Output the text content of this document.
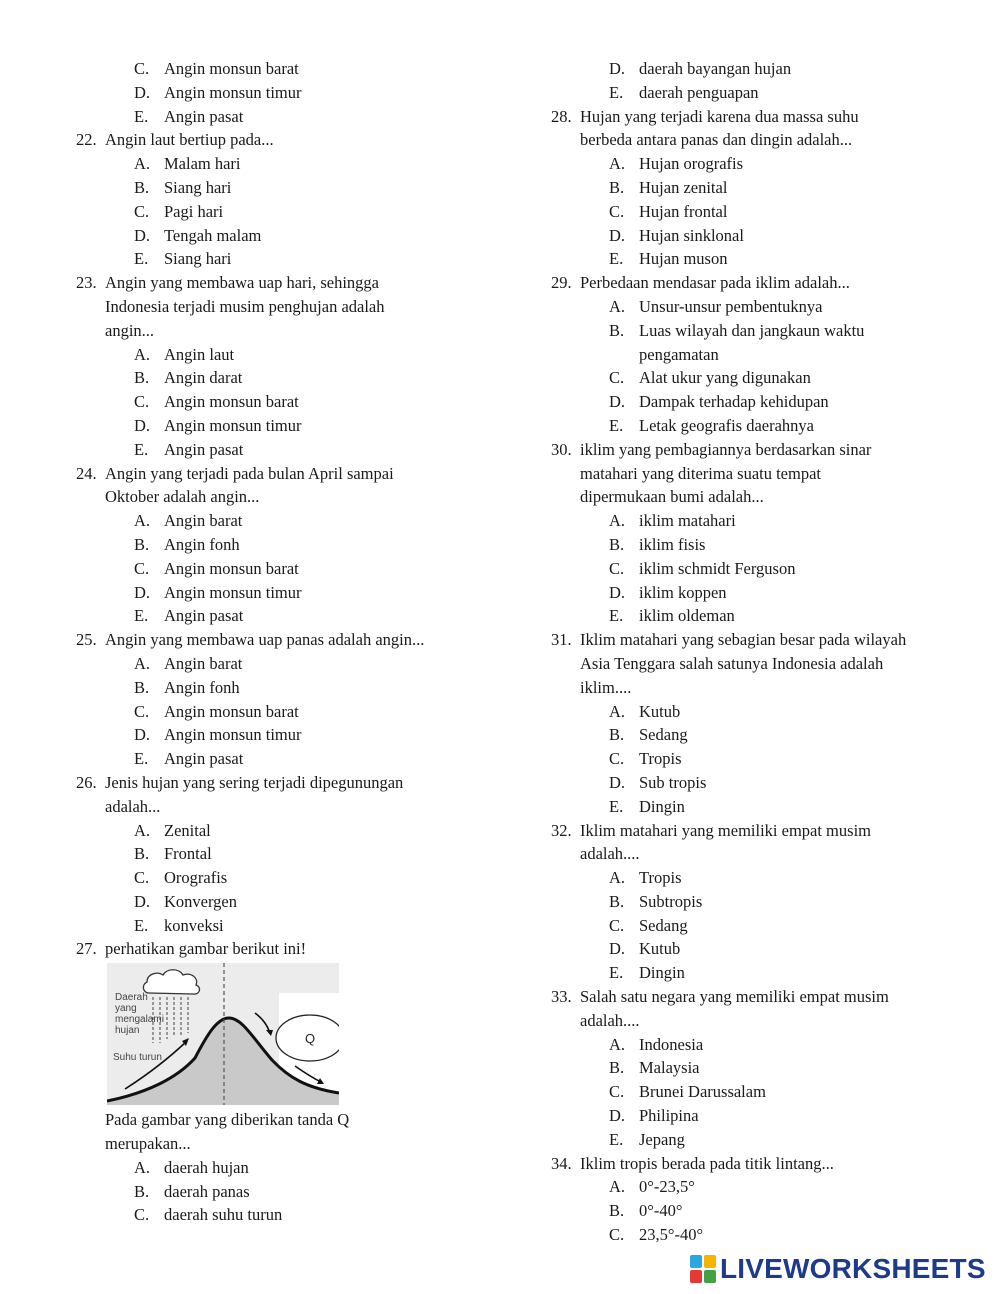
C. Angin monsun barat
D. Angin monsun timur
E. Angin pasat
22. Angin laut bertiup pada...
A. Malam hari
B. Siang hari
C. Pagi hari
D. Tengah malam
E. Siang hari
23. Angin yang membawa uap hari, sehingga
Indonesia terjadi musim penghujan adalah
angin...
A. Angin laut
B. Angin darat
C. Angin monsun barat
D. Angin monsun timur
E. Angin pasat
24. Angin yang terjadi pada bulan April sampai
Oktober adalah angin...
A. Angin barat
B. Angin fonh
C. Angin monsun barat
D. Angin monsun timur
E. Angin pasat
25. Angin yang membawa uap panas adalah angin...
A. Angin barat
B. Angin fonh
C. Angin monsun barat
D. Angin monsun timur
E. Angin pasat
26. Jenis hujan yang sering terjadi dipegunungan
adalah...
A. Zenital
B. Frontal
C. Orografis
D. Konvergen
E. konveksi
27. perhatikan gambar berikut ini!
Daerah
yang
mengalami
hujan
Suhu turun
Q
Pada gambar yang diberikan tanda Q
merupakan...
A. daerah hujan
B. daerah panas
C. daerah suhu turun
D. daerah bayangan hujan
E. daerah penguapan
28. Hujan yang terjadi karena dua massa suhu
berbeda antara panas dan dingin adalah...
A. Hujan orografis
B. Hujan zenital
C. Hujan frontal
D. Hujan sinklonal
E. Hujan muson
29. Perbedaan mendasar pada iklim adalah...
A. Unsur-unsur pembentuknya
B. Luas wilayah dan jangkaun waktu
pengamatan
C. Alat ukur yang digunakan
D. Dampak terhadap kehidupan
E. Letak geografis daerahnya
30. iklim yang pembagiannya berdasarkan sinar
matahari yang diterima suatu tempat
dipermukaan bumi adalah...
A. iklim matahari
B. iklim fisis
C. iklim schmidt Ferguson
D. iklim koppen
E. iklim oldeman
31. Iklim matahari yang sebagian besar pada wilayah
Asia Tenggara salah satunya Indonesia adalah
iklim....
A. Kutub
B. Sedang
C. Tropis
D. Sub tropis
E. Dingin
32. Iklim matahari yang memiliki empat musim
adalah....
A. Tropis
B. Subtropis
C. Sedang
D. Kutub
E. Dingin
33. Salah satu negara yang memiliki empat musim
adalah....
A. Indonesia
B. Malaysia
C. Brunei Darussalam
D. Philipina
E. Jepang
34. Iklim tropis berada pada titik lintang...
A. 0°-23,5°
B. 0°-40°
C. 23,5°-40°
LIVEWORKSHEETS
